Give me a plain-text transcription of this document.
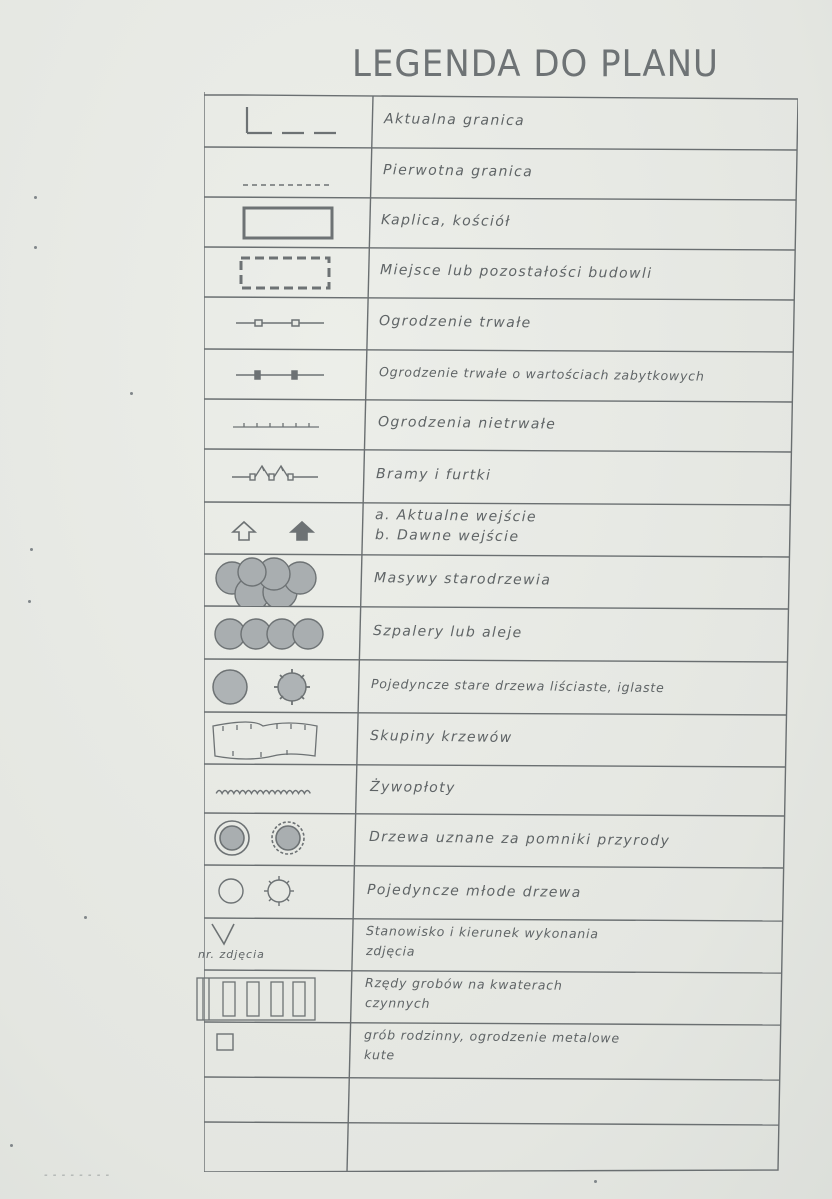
LEGENDA DO PLANU
Aktualna granica
Pierwotna granica
Kaplica, kościół
Miejsce lub pozostałości budowli
Ogrodzenie trwałe
Ogrodzenie trwałe o wartościach zabytkowych
Ogrodzenia nietrwałe
Bramy i furtki
a. Aktualne wejście
b. Dawne wejście
Masywy starodrzewia
Szpalery lub aleje
Pojedyncze stare drzewa liściaste, iglaste
Skupiny krzewów
Żywopłoty
Drzewa uznane za pomniki przyrody
Pojedyncze młode drzewa
nr. zdjęcia
Stanowisko i kierunek wykonania
zdjęcia
Rzędy grobów na kwaterach
czynnych
grób rodzinny, ogrodzenie metalowe
kute
- - - - - - - -
